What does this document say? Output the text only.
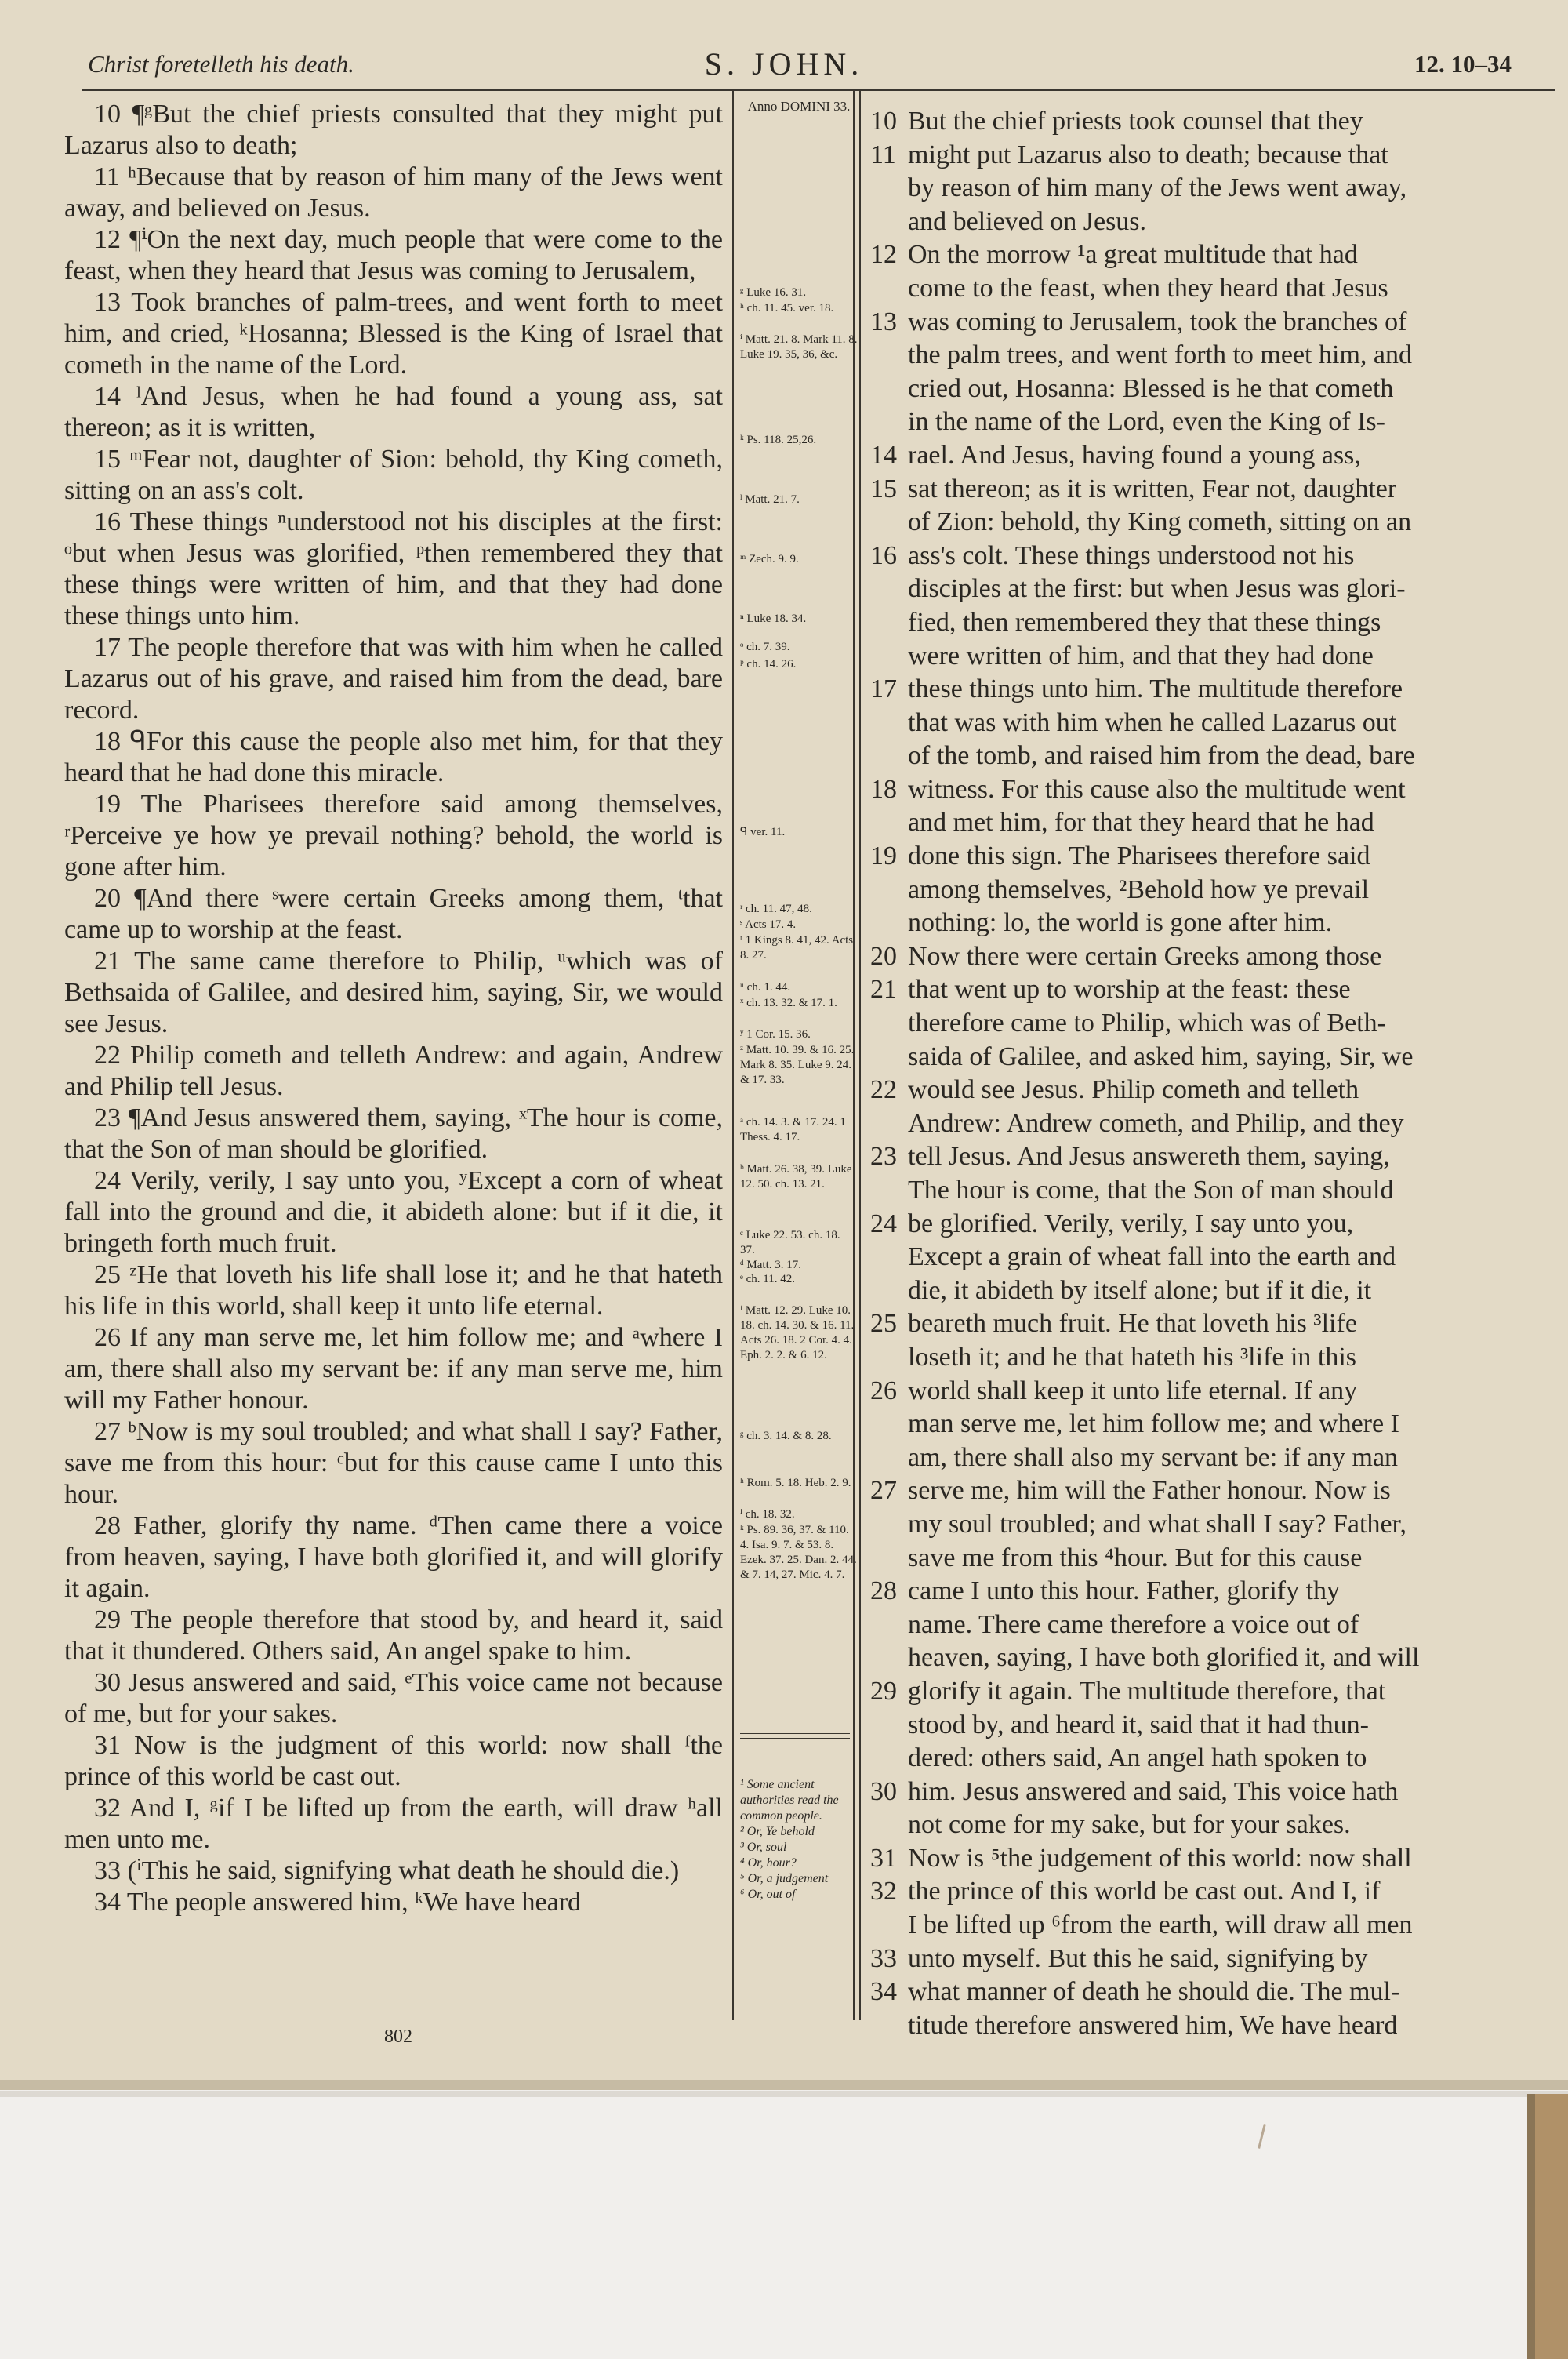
Christ foretelleth his death.	S. JOHN.	12. 10–34

10 ¶ᵍBut the chief priests consulted that they might put Lazarus also to death;

11 ʰBecause that by reason of him many of the Jews went away, and believed on Jesus.

12 ¶ⁱOn the next day, much people that were come to the feast, when they heard that Jesus was coming to Jerusalem,

13 Took branches of palm-trees, and went forth to meet him, and cried, ᵏHosanna; Blessed is the King of Israel that cometh in the name of the Lord.

14 ˡAnd Jesus, when he had found a young ass, sat thereon; as it is written,

15 ᵐFear not, daughter of Sion: behold, thy King cometh, sitting on an ass's colt.

16 These things ⁿunderstood not his disciples at the first: ᵒbut when Jesus was glorified, ᵖthen remembered they that these things were written of him, and that they had done these things unto him.

17 The people therefore that was with him when he called Lazarus out of his grave, and raised him from the dead, bare record.

18 ᑫFor this cause the people also met him, for that they heard that he had done this miracle.

19 The Pharisees therefore said among themselves, ʳPerceive ye how ye prevail nothing? behold, the world is gone after him.

20 ¶And there ˢwere certain Greeks among them, ᵗthat came up to worship at the feast.

21 The same came therefore to Philip, ᵘwhich was of Bethsaida of Galilee, and desired him, saying, Sir, we would see Jesus.

22 Philip cometh and telleth Andrew: and again, Andrew and Philip tell Jesus.

23 ¶And Jesus answered them, saying, ˣThe hour is come, that the Son of man should be glorified.

24 Verily, verily, I say unto you, ʸExcept a corn of wheat fall into the ground and die, it abideth alone: but if it die, it bringeth forth much fruit.

25 ᶻHe that loveth his life shall lose it; and he that hateth his life in this world, shall keep it unto life eternal.

26 If any man serve me, let him follow me; and ᵃwhere I am, there shall also my servant be: if any man serve me, him will my Father honour.

27 ᵇNow is my soul troubled; and what shall I say? Father, save me from this hour: ᶜbut for this cause came I unto this hour.

28 Father, glorify thy name. ᵈThen came there a voice from heaven, saying, I have both glorified it, and will glorify it again.

29 The people therefore that stood by, and heard it, said that it thundered. Others said, An angel spake to him.

30 Jesus answered and said, ᵉThis voice came not because of me, but for your sakes.

31 Now is the judgment of this world: now shall ᶠthe prince of this world be cast out.

32 And I, ᵍif I be lifted up from the earth, will draw ʰall men unto me.

33 (ⁱThis he said, signifying what death he should die.)

34 The people answered him, ᵏWe have heard

Anno DOMINI 33.
ᵍ Luke 16. 31.
ʰ ch. 11. 45. ver. 18.
ⁱ Matt. 21. 8. Mark 11. 8. Luke 19. 35, 36, &c.
ᵏ Ps. 118. 25,26.
ˡ Matt. 21. 7.
ᵐ Zech. 9. 9.
ⁿ Luke 18. 34.
ᵒ ch. 7. 39.
ᵖ ch. 14. 26.
ᑫ ver. 11.
ʳ ch. 11. 47, 48.
ˢ Acts 17. 4.
ᵗ 1 Kings 8. 41, 42. Acts 8. 27.
ᵘ ch. 1. 44.
ˣ ch. 13. 32. & 17. 1.
ʸ 1 Cor. 15. 36.
ᶻ Matt. 10. 39. & 16. 25. Mark 8. 35. Luke 9. 24. & 17. 33.
ᵃ ch. 14. 3. & 17. 24. 1 Thess. 4. 17.
ᵇ Matt. 26. 38, 39. Luke 12. 50. ch. 13. 21.
ᶜ Luke 22. 53. ch. 18. 37.
ᵈ Matt. 3. 17.
ᵉ ch. 11. 42.
ᶠ Matt. 12. 29. Luke 10. 18. ch. 14. 30. & 16. 11. Acts 26. 18. 2 Cor. 4. 4. Eph. 2. 2. & 6. 12.
ᵍ ch. 3. 14. & 8. 28.
ʰ Rom. 5. 18. Heb. 2. 9.
ⁱ ch. 18. 32.
ᵏ Ps. 89. 36, 37. & 110. 4. Isa. 9. 7. & 53. 8. Ezek. 37. 25. Dan. 2. 44. & 7. 14, 27. Mic. 4. 7.
¹ Some ancient authorities read the common people.
² Or, Ye behold
³ Or, soul
⁴ Or, hour?
⁵ Or, a judgement
⁶ Or, out of
10 But the chief priests took counsel that they
11 might put Lazarus also to death; because that
by reason of him many of the Jews went away,
and believed on Jesus.
12 On the morrow ¹a great multitude that had
come to the feast, when they heard that Jesus
13 was coming to Jerusalem, took the branches of
the palm trees, and went forth to meet him, and
cried out, Hosanna: Blessed is he that cometh
in the name of the Lord, even the King of Is-
14 rael. And Jesus, having found a young ass,
15 sat thereon; as it is written, Fear not, daughter
of Zion: behold, thy King cometh, sitting on an
16 ass's colt. These things understood not his
disciples at the first: but when Jesus was glori-
fied, then remembered they that these things
were written of him, and that they had done
17 these things unto him. The multitude therefore
that was with him when he called Lazarus out
of the tomb, and raised him from the dead, bare
18 witness. For this cause also the multitude went
and met him, for that they heard that he had
19 done this sign. The Pharisees therefore said
among themselves, ²Behold how ye prevail
nothing: lo, the world is gone after him.
20 Now there were certain Greeks among those
21 that went up to worship at the feast: these
therefore came to Philip, which was of Beth-
saida of Galilee, and asked him, saying, Sir, we
22 would see Jesus. Philip cometh and telleth
Andrew: Andrew cometh, and Philip, and they
23 tell Jesus. And Jesus answereth them, saying,
The hour is come, that the Son of man should
24 be glorified. Verily, verily, I say unto you,
Except a grain of wheat fall into the earth and
die, it abideth by itself alone; but if it die, it
25 beareth much fruit. He that loveth his ³life
loseth it; and he that hateth his ³life in this
26 world shall keep it unto life eternal. If any
man serve me, let him follow me; and where I
am, there shall also my servant be: if any man
27 serve me, him will the Father honour. Now is
my soul troubled; and what shall I say? Father,
save me from this ⁴hour. But for this cause
28 came I unto this hour. Father, glorify thy
name. There came therefore a voice out of
heaven, saying, I have both glorified it, and will
29 glorify it again. The multitude therefore, that
stood by, and heard it, said that it had thun-
dered: others said, An angel hath spoken to
30 him. Jesus answered and said, This voice hath
not come for my sake, but for your sakes.
31 Now is ⁵the judgement of this world: now shall
32 the prince of this world be cast out. And I, if
I be lifted up ⁶from the earth, will draw all men
33 unto myself. But this he said, signifying by
34 what manner of death he should die. The mul-
titude therefore answered him, We have heard
802
